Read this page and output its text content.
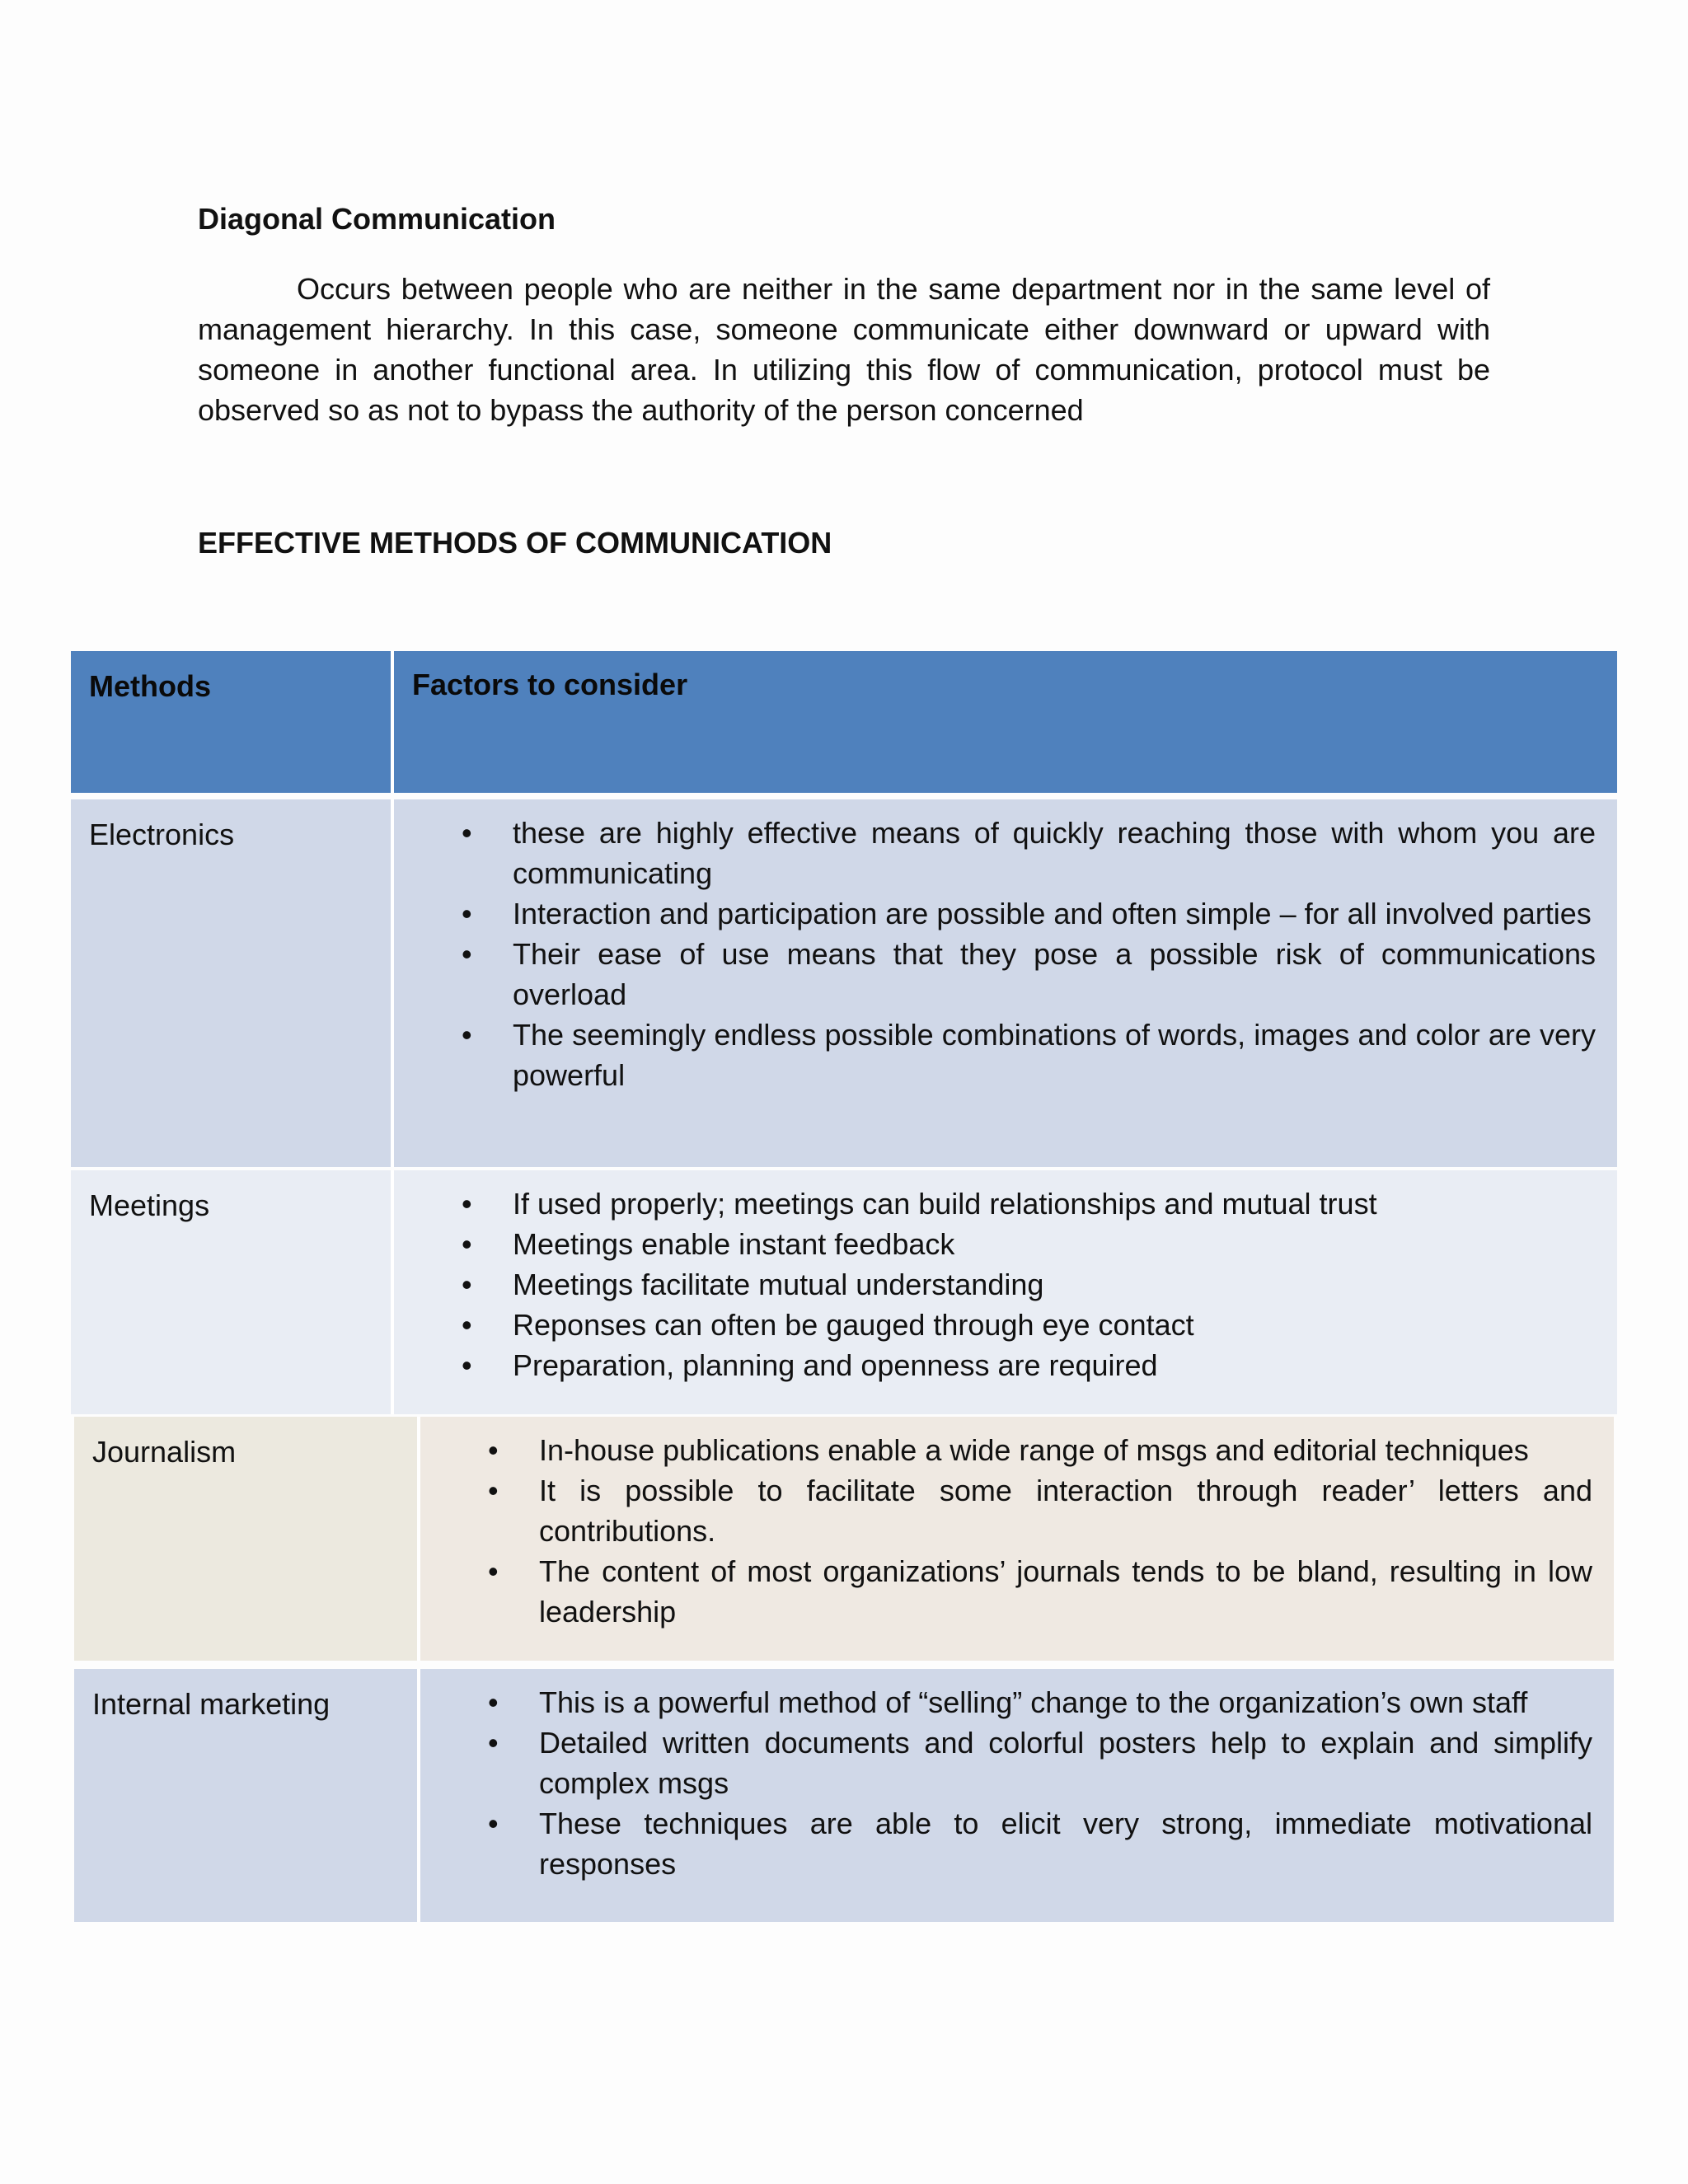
Diagonal Communication

Occurs between people who are neither in the same department nor in the same level of management hierarchy. In this case, someone communicate either downward or upward with someone in another functional area. In utilizing this flow of communication, protocol must be observed so as not to bypass the authority of the person concerned

EFFECTIVE METHODS OF COMMUNICATION
Methods	Factors to consider
Electronics	• these are highly effective means of quickly reaching those with whom you are communicating
• Interaction and participation are possible and often simple – for all involved parties
• Their ease of use means that they pose a possible risk of communications overload
• The seemingly endless possible combinations of words, images and color are very powerful
Meetings	• If used properly; meetings can build relationships and mutual trust
• Meetings enable instant feedback
• Meetings facilitate mutual understanding
• Reponses can often be gauged through eye contact
• Preparation, planning and openness are required
Journalism	• In-house publications enable a wide range of msgs and editorial techniques
• It is possible to facilitate some interaction through reader’ letters and contributions.
• The content of most organizations’ journals tends to be bland, resulting in low leadership
Internal marketing	• This is a powerful method of “selling” change to the organization’s own staff
• Detailed written documents and colorful posters help to explain and simplify complex msgs
• These techniques are able to elicit very strong, immediate motivational responses
